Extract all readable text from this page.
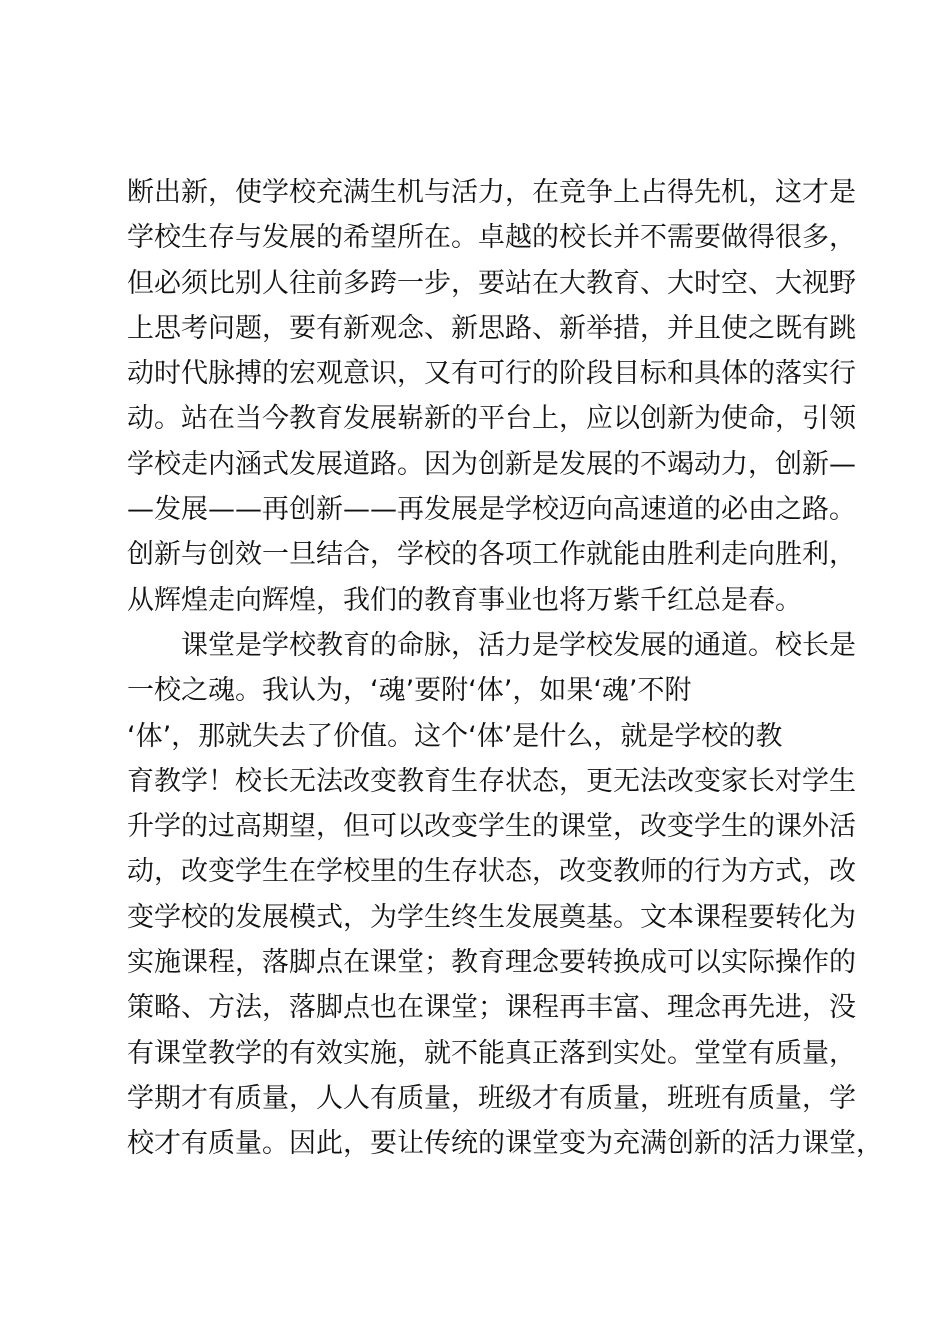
断出新，使学校充满生机与活力，在竞争上占得先机，这才是
学校生存与发展的希望所在。卓越的校长并不需要做得很多，
但必须比别人往前多跨一步，要站在大教育、大时空、大视野
上思考问题，要有新观念、新思路、新举措，并且使之既有跳
动时代脉搏的宏观意识，又有可行的阶段目标和具体的落实行
动。站在当今教育发展崭新的平台上，应以创新为使命，引领
学校走内涵式发展道路。因为创新是发展的不竭动力，创新—
—发展——再创新——再发展是学校迈向高速道的必由之路。
创新与创效一旦结合，学校的各项工作就能由胜利走向胜利，
从辉煌走向辉煌，我们的教育事业也将万紫千红总是春。
　　课堂是学校教育的命脉，活力是学校发展的通道。校长是
一校之魂。我认为，‘魂’要附‘体’，如果‘魂’不附
‘体’，那就失去了价值。这个‘体’是什么，就是学校的教
育教学！校长无法改变教育生存状态，更无法改变家长对学生
升学的过高期望，但可以改变学生的课堂，改变学生的课外活
动，改变学生在学校里的生存状态，改变教师的行为方式，改
变学校的发展模式，为学生终生发展奠基。文本课程要转化为
实施课程，落脚点在课堂；教育理念要转换成可以实际操作的
策略、方法，落脚点也在课堂；课程再丰富、理念再先进，没
有课堂教学的有效实施，就不能真正落到实处。堂堂有质量，
学期才有质量，人人有质量，班级才有质量，班班有质量，学
校才有质量。因此，要让传统的课堂变为充满创新的活力课堂，
